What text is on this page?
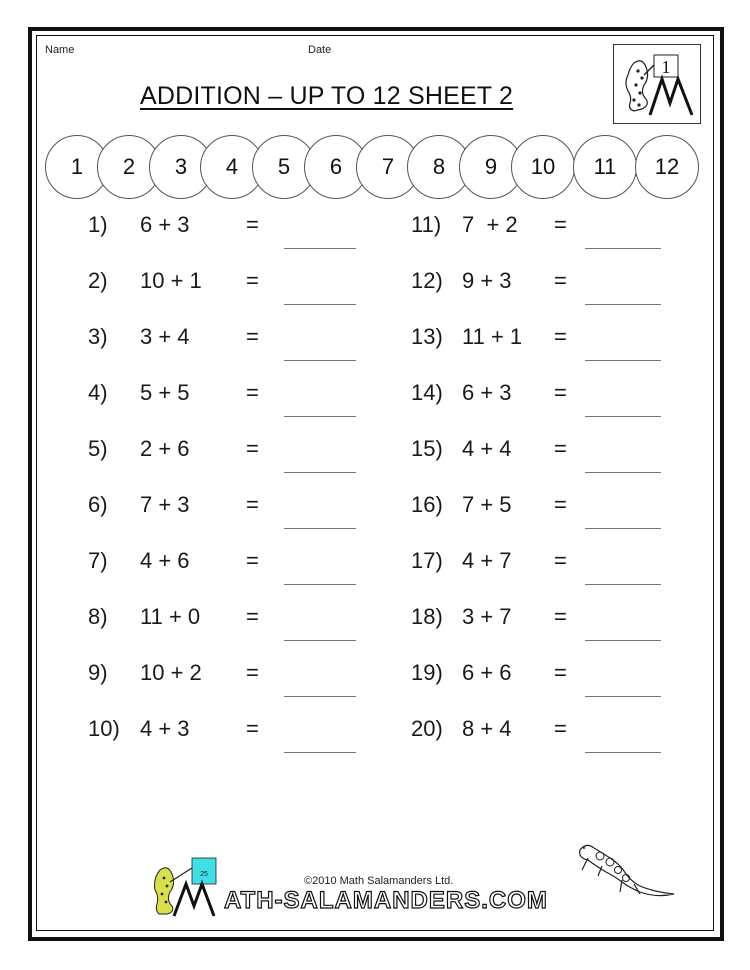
Name	Date
ADDITION – UP TO 12 SHEET 2
1
1	2	3	4	5	6	7	8	9	10	11	12
1) 6 + 3	=
2) 10 + 1 =
3) 3 + 4	=
4) 5 + 5	=
5) 2 + 6	=
6) 7 + 3	=
7) 4 + 6	=
8) 11 + 0 =
9) 10 + 2 =
10) 4 + 3	=
11) 7  + 2 =
12) 9 + 3 =
13) 11 + 1 =
14) 6 + 3 =
15) 4 + 4 =
16) 7 + 5 =
17) 4 + 7 =
18) 3 + 7 =
19) 6 + 6 =
20) 8 + 4 =
25
©2010 Math Salamanders Ltd.
ATH-SALAMANDERS.COM
